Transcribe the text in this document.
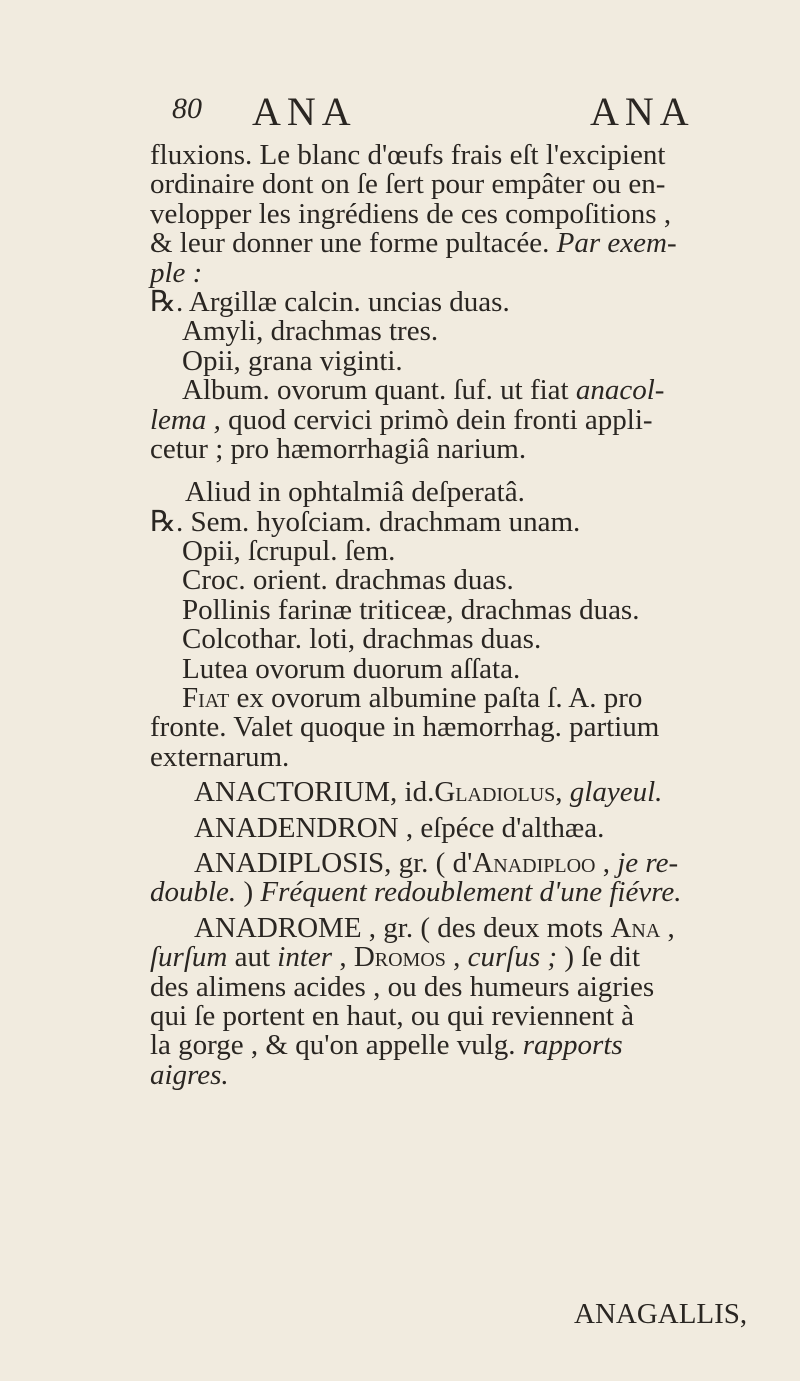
80 ANA	ANA
fluxions. Le blanc d'œufs frais eſt l'excipient
ordinaire dont on ſe ſert pour empâter ou en-
velopper les ingrédiens de ces compoſitions ,
& leur donner une forme pultacée. Par exem-
ple :
℞. Argillæ calcin. uncias duas.
Amyli, drachmas tres.
Opii, grana viginti.
Album. ovorum quant. ſuf. ut fiat anacol-
lema , quod cervici primò dein fronti appli-
cetur ; pro hæmorrhagiâ narium.
Aliud in ophtalmiâ deſperatâ.
℞. Sem. hyoſciam. drachmam unam.
Opii, ſcrupul. ſem.
Croc. orient. drachmas duas.
Pollinis farinæ triticeæ, drachmas duas.
Colcothar. loti, drachmas duas.
Lutea ovorum duorum aſſata.
Fiat ex ovorum albumine paſta ſ. A. pro
fronte. Valet quoque in hæmorrhag. partium
externarum.
ANACTORIUM, id.Gladiolus, glayeul.
ANADENDRON , eſpéce d'althæa.
ANADIPLOSIS, gr. ( d'Anadiploo , je re-
double. ) Fréquent redoublement d'une fiévre.
ANADROME , gr. ( des deux mots Ana ,
ſurſum aut inter , Dromos , curſus ; ) ſe dit
des alimens acides , ou des humeurs aigries
qui ſe portent en haut, ou qui reviennent à
la gorge , & qu'on appelle vulg. rapports
aigres.
ANAGALLIS,
